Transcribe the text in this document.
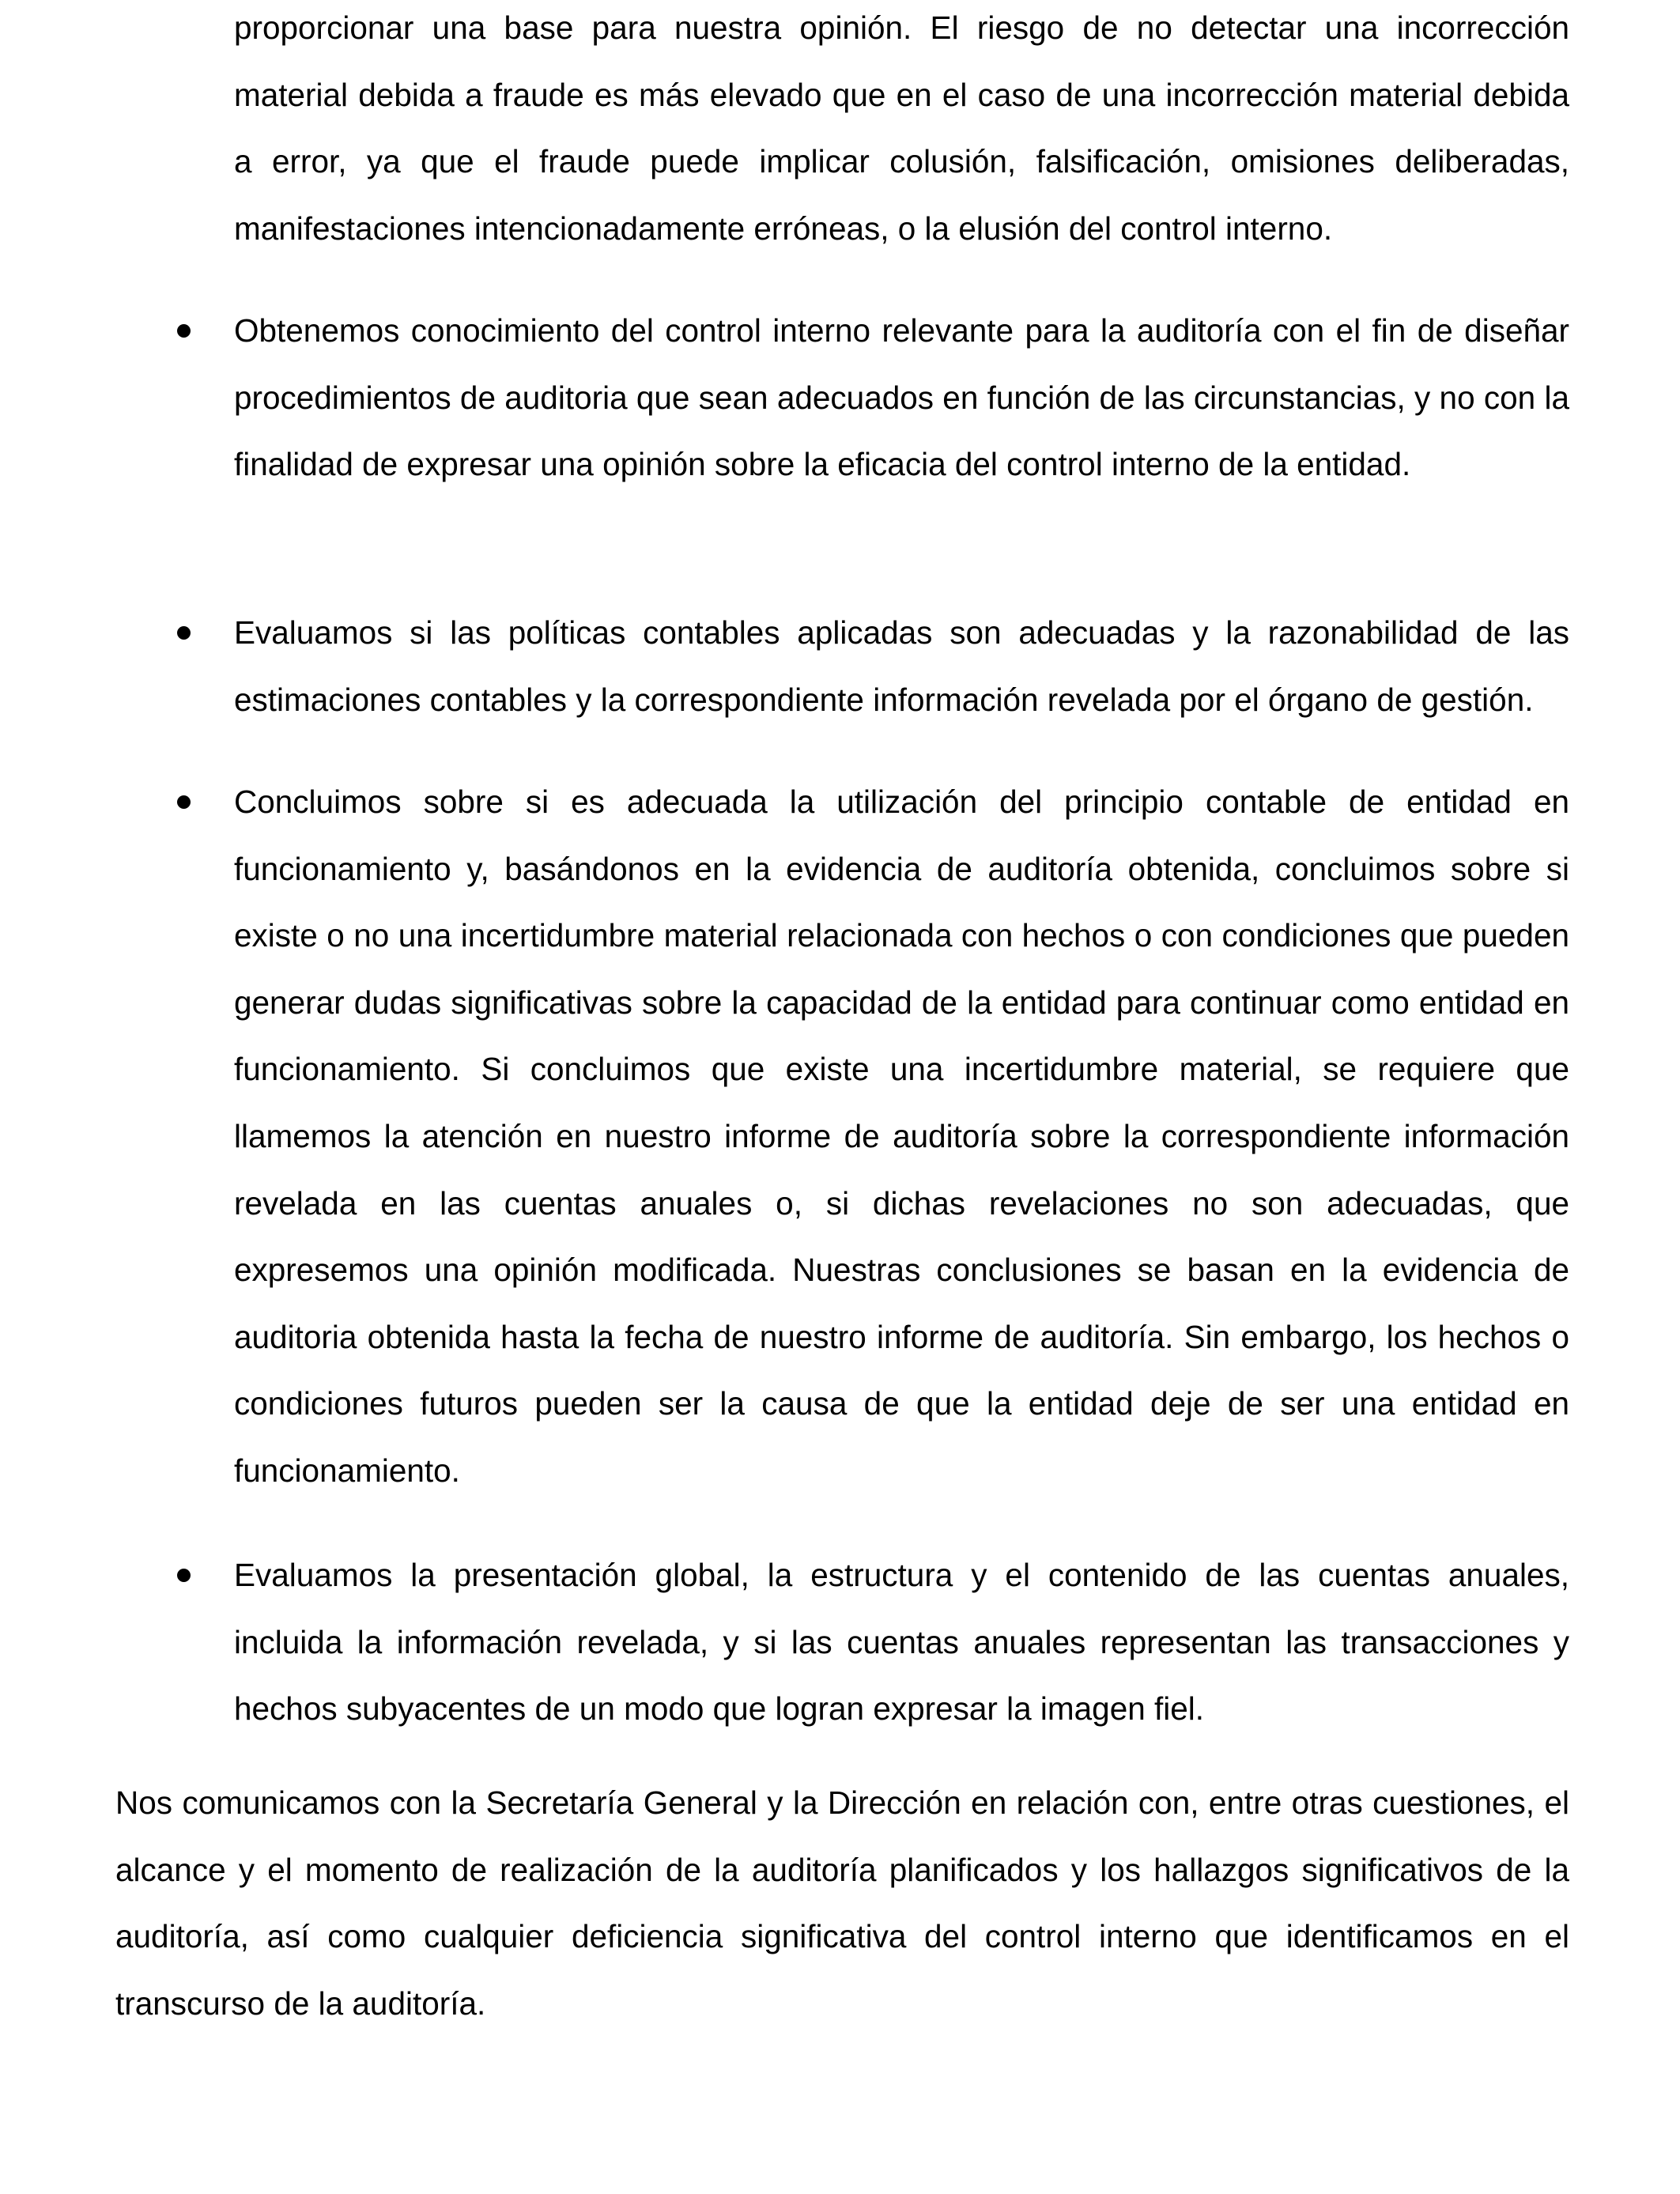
proporcionar una base para nuestra opinión. El riesgo de no detectar una incorrección material debida a fraude es más elevado que en el caso de una incorrección material debida a error, ya que el fraude puede implicar colusión, falsificación, omisiones deliberadas, manifestaciones intencionadamente erróneas, o la elusión del control interno.

Obtenemos conocimiento del control interno relevante para la auditoría con el fin de diseñar procedimientos de auditoria que sean adecuados en función de las circunstancias, y no con la finalidad de expresar una opinión sobre la eficacia del control interno de la entidad.

Evaluamos si las políticas contables aplicadas son adecuadas y la razonabilidad de las estimaciones contables y la correspondiente información revelada por el órgano de gestión.

Concluimos sobre si es adecuada la utilización del principio contable de entidad en funcionamiento y, basándonos en la evidencia de auditoría obtenida, concluimos sobre si existe o no una incertidumbre material relacionada con hechos o con condiciones que pueden generar dudas significativas sobre la capacidad de la entidad para continuar como entidad en funcionamiento. Si concluimos que existe una incertidumbre material, se requiere que llamemos la atención en nuestro informe de auditoría sobre la correspondiente información revelada en las cuentas anuales o, si dichas revelaciones no son adecuadas, que expresemos una opinión modificada. Nuestras conclusiones se basan en la evidencia de auditoria obtenida hasta la fecha de nuestro informe de auditoría. Sin embargo, los hechos o condiciones futuros pueden ser la causa de que la entidad deje de ser una entidad en funcionamiento.

Evaluamos la presentación global, la estructura y el contenido de las cuentas anuales, incluida la información revelada, y si las cuentas anuales representan las transacciones y hechos subyacentes de un modo que logran expresar la imagen fiel.

Nos comunicamos con la Secretaría General y la Dirección en relación con, entre otras cuestiones, el alcance y el momento de realización de la auditoría planificados y los hallazgos significativos de la auditoría, así como cualquier deficiencia significativa del control interno que identificamos en el transcurso de la auditoría.
